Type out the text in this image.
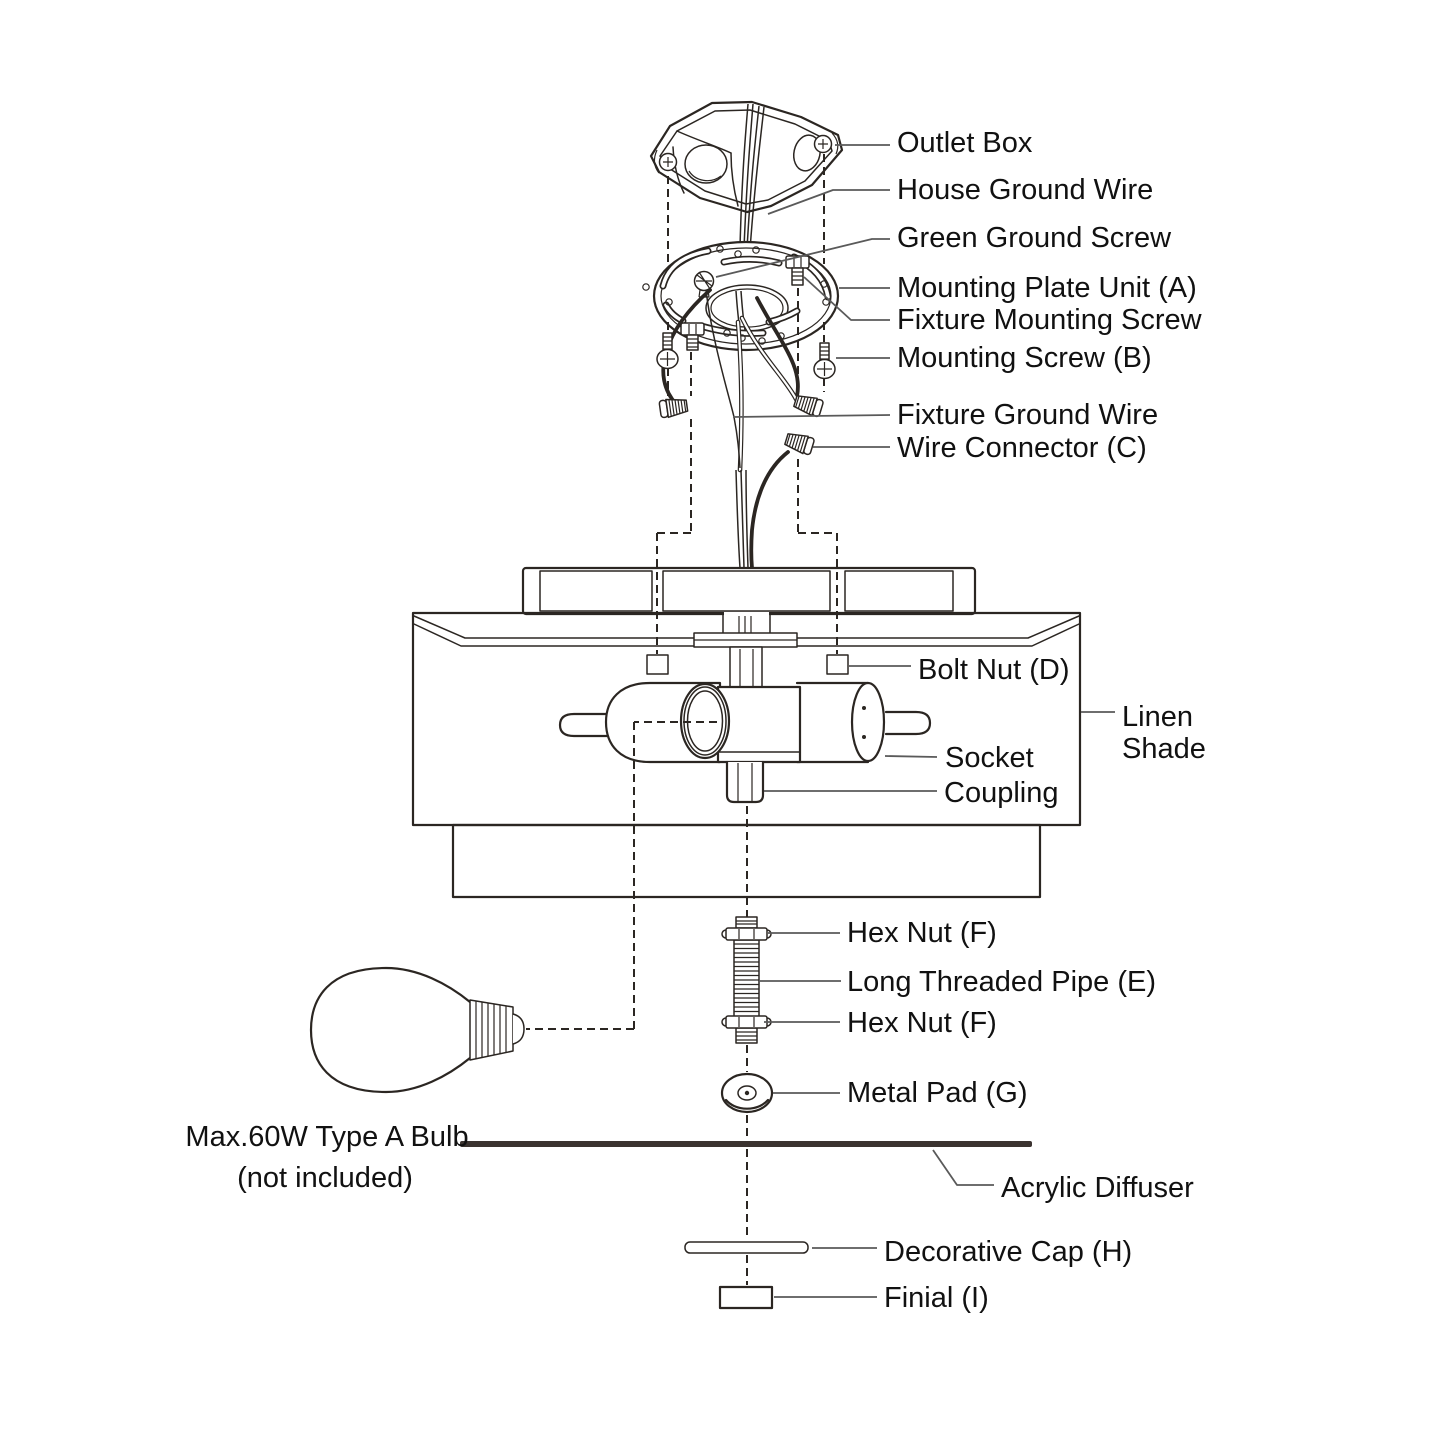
Outlet Box
House Ground Wire
Green Ground Screw
Mounting Plate Unit (A)
Fixture Mounting Screw
Mounting Screw (B)
Fixture Ground Wire
Wire Connector (C)
Bolt Nut (D)
Linen
Shade
Socket
Coupling
Hex Nut (F)
Long Threaded Pipe (E)
Hex Nut (F)
Metal Pad (G)
Max.60W Type A Bulb
(not included)	Acrylic Diffuser
Decorative Cap (H)
Finial (I)
